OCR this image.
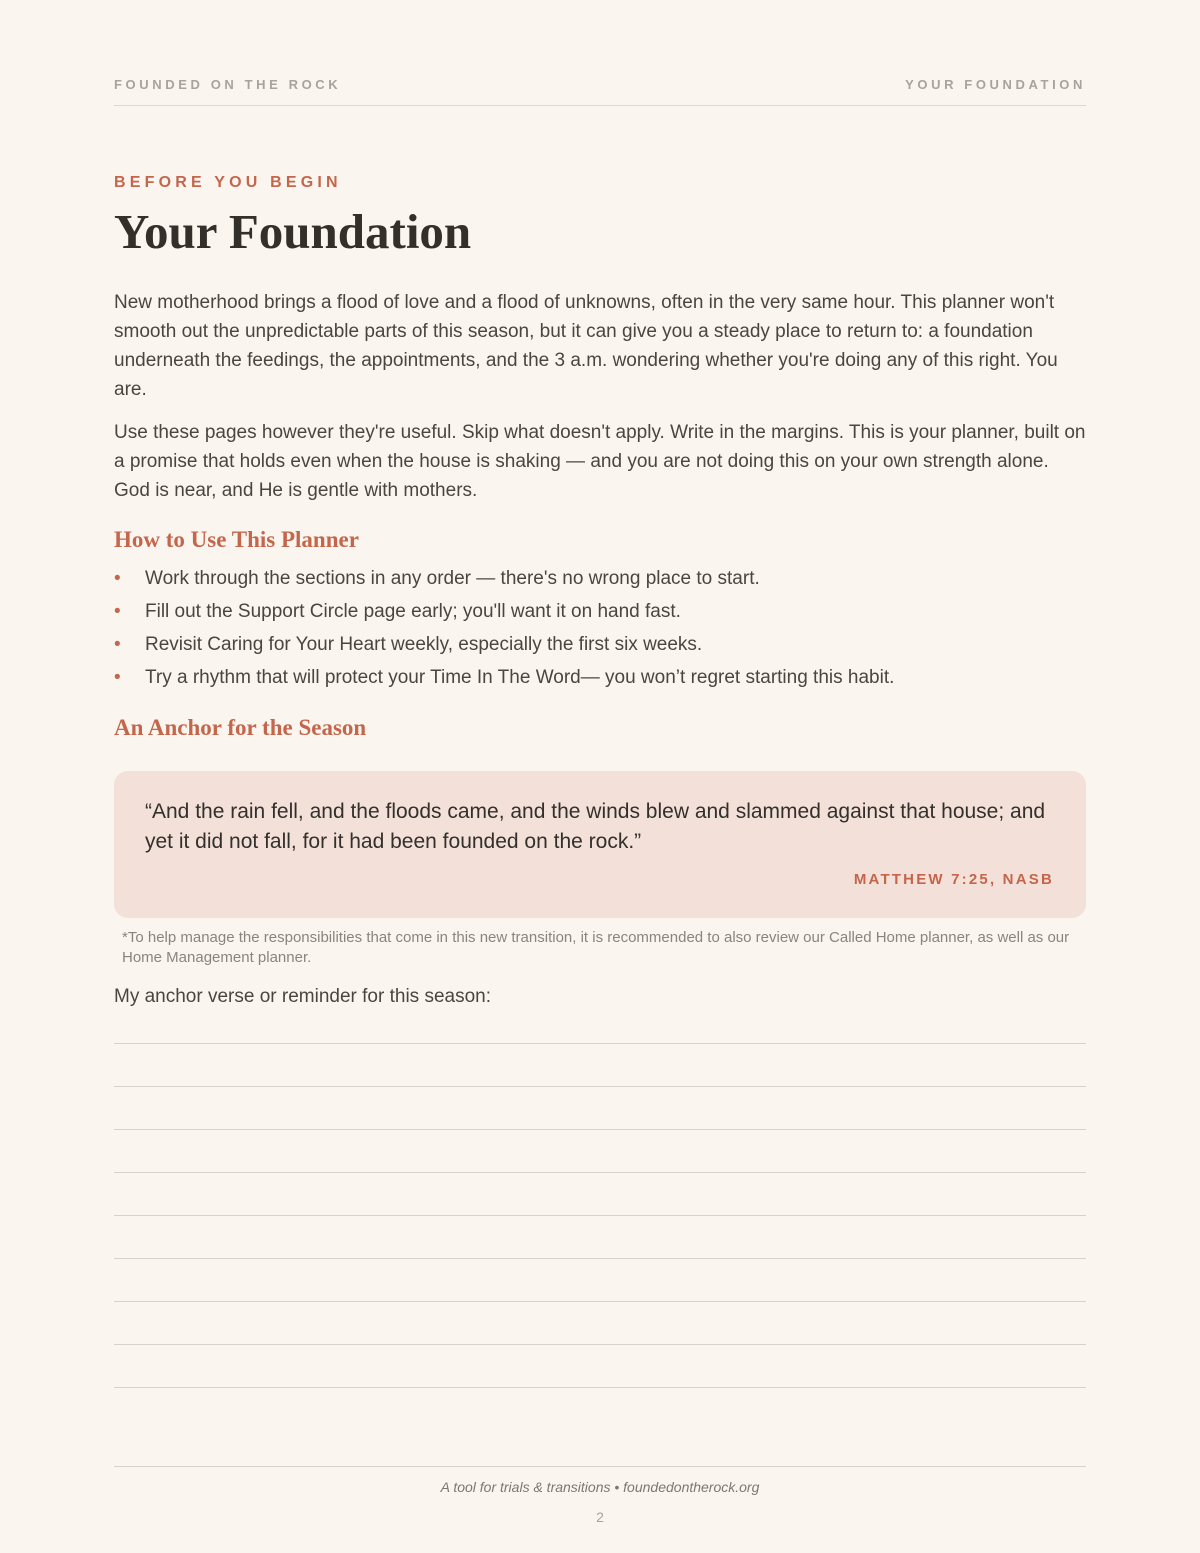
FOUNDED ON THE ROCK	YOUR FOUNDATION
BEFORE YOU BEGIN
Your Foundation

New motherhood brings a flood of love and a flood of unknowns, often in the very same hour. This planner won't smooth out the unpredictable parts of this season, but it can give you a steady place to return to: a foundation underneath the feedings, the appointments, and the 3 a.m. wondering whether you're doing any of this right. You are.

Use these pages however they're useful. Skip what doesn't apply. Write in the margins. This is your planner, built on a promise that holds even when the house is shaking — and you are not doing this on your own strength alone. God is near, and He is gentle with mothers.

How to Use This Planner
• Work through the sections in any order — there's no wrong place to start.
• Fill out the Support Circle page early; you'll want it on hand fast.
• Revisit Caring for Your Heart weekly, especially the first six weeks.
• Try a rhythm that will protect your Time In The Word— you won’t regret starting this habit.
An Anchor for the Season

“And the rain fell, and the floods came, and the winds blew and slammed against that house; and yet it did not fall, for it had been founded on the rock.”

MATTHEW 7:25, NASB

*To help manage the responsibilities that come in this new transition, it is recommended to also review our Called Home planner, as well as our Home Management planner.

My anchor verse or reminder for this season:

A tool for trials & transitions • foundedontherock.org
2
